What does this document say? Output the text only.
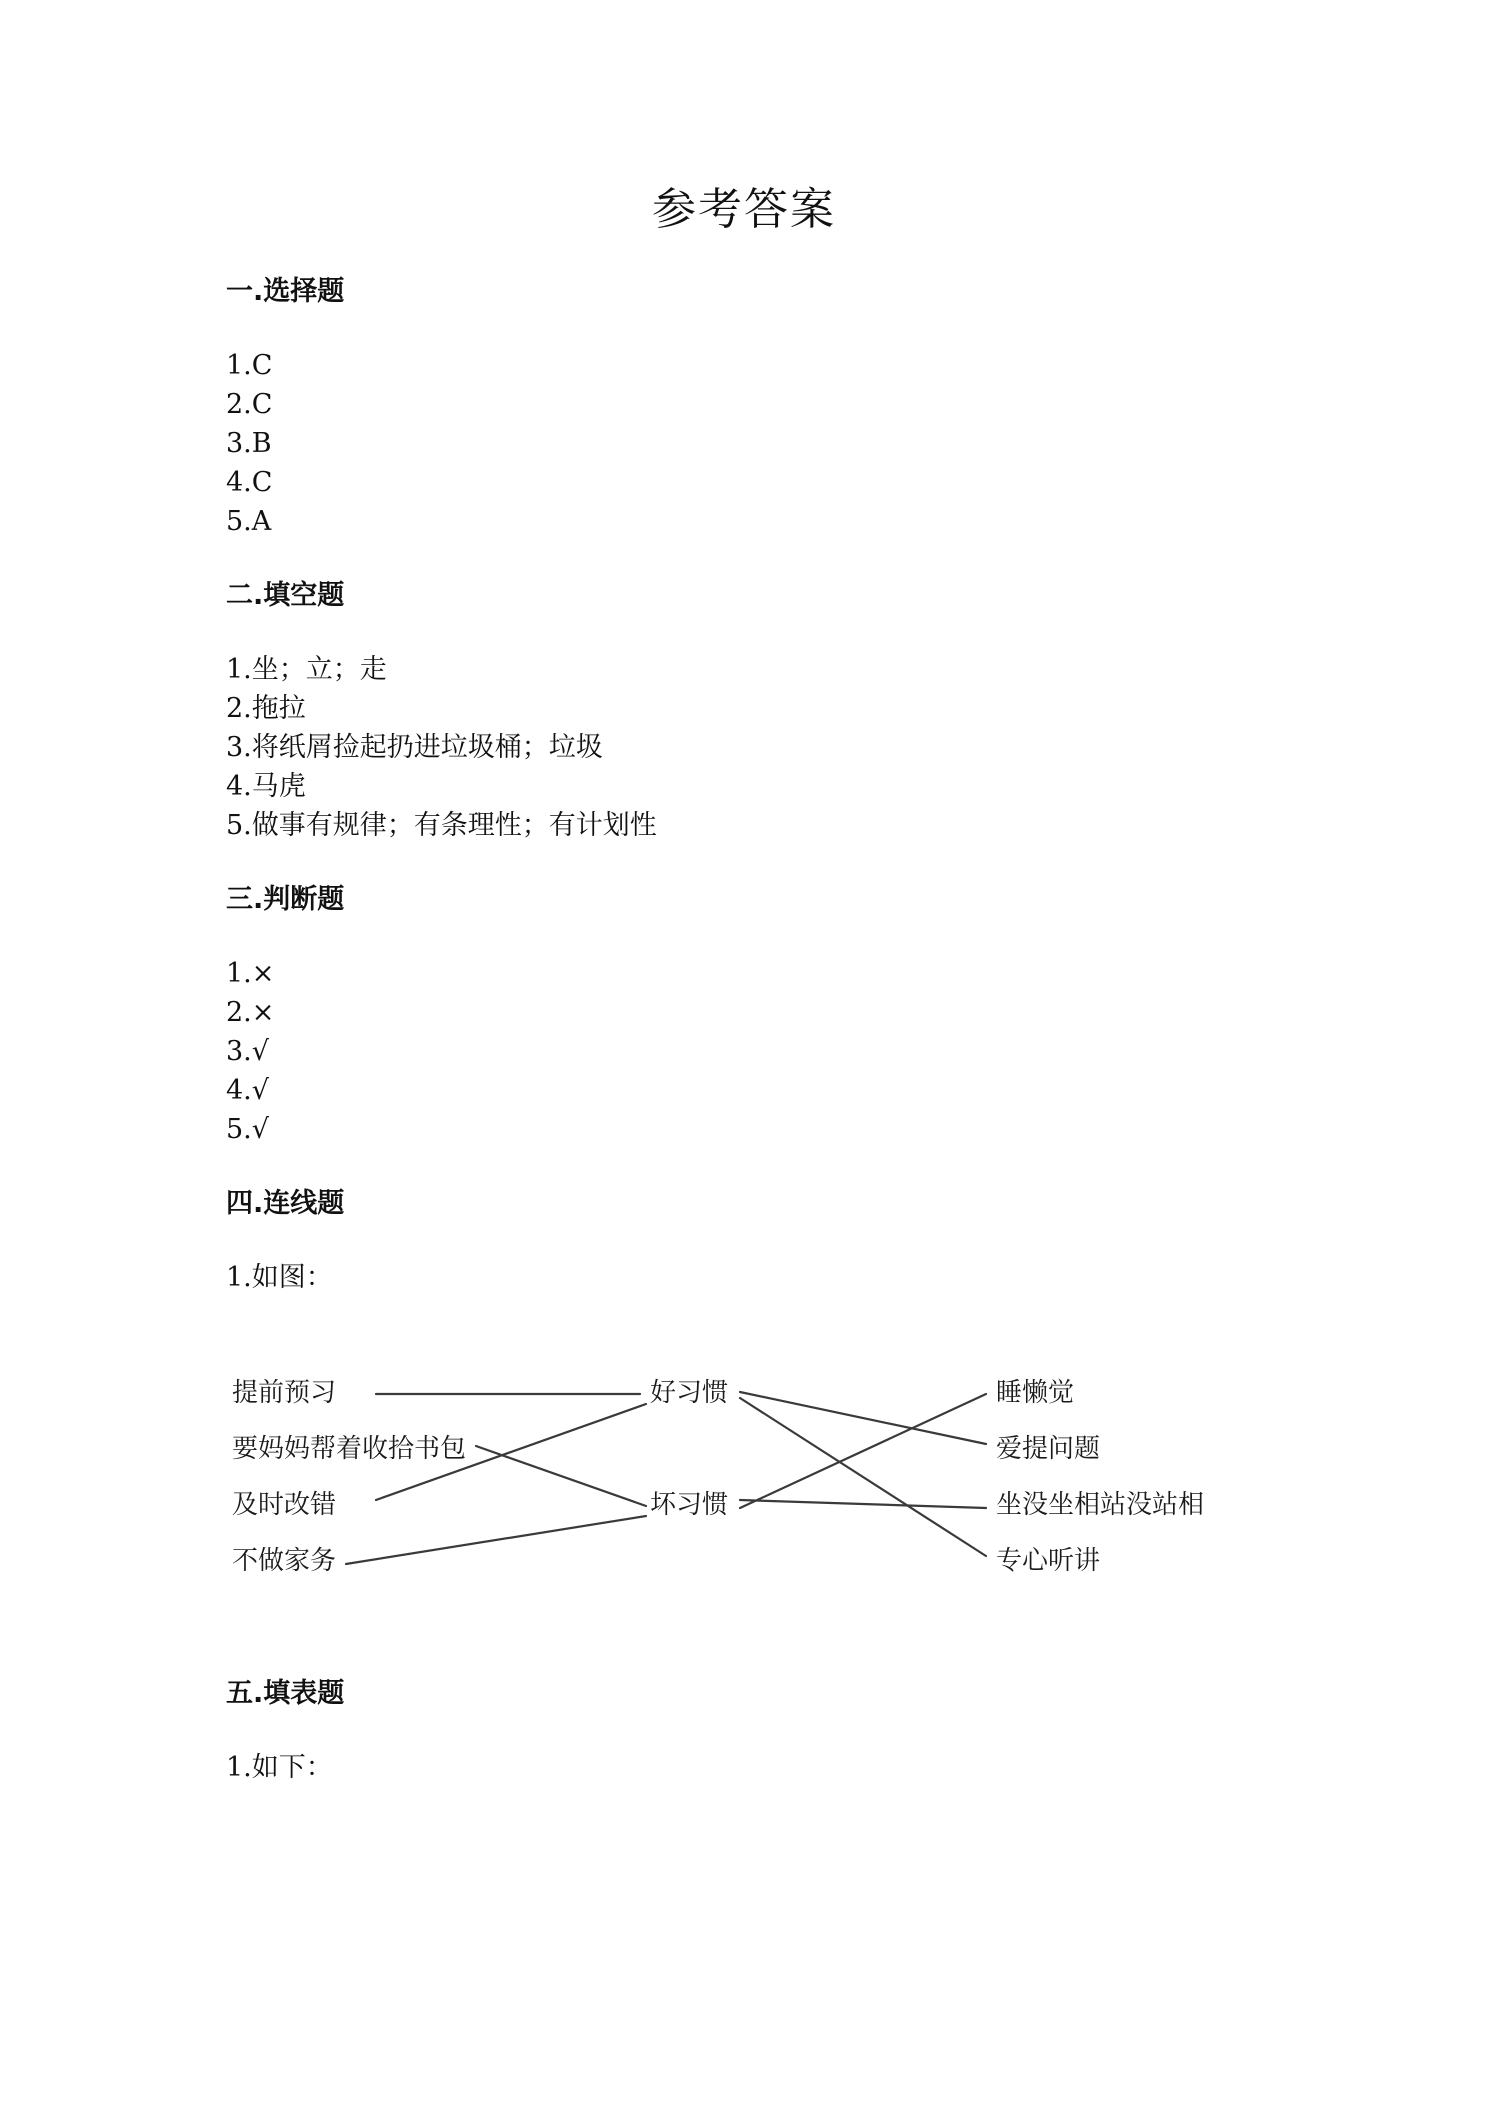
参考答案
一.选择题
1.C
2.C
3.B
4.C
5.A
二.填空题
1.坐；立；走
2.拖拉
3.将纸屑捡起扔进垃圾桶；垃圾
4.马虎
5.做事有规律；有条理性；有计划性
三.判断题
1.×
2.×
3.√
4.√
5.√
四.连线题
1.如图：
提前预习
要妈妈帮着收拾书包
及时改错
不做家务
好习惯
坏习惯
睡懒觉
爱提问题
坐没坐相站没站相
专心听讲
五.填表题
1.如下：
